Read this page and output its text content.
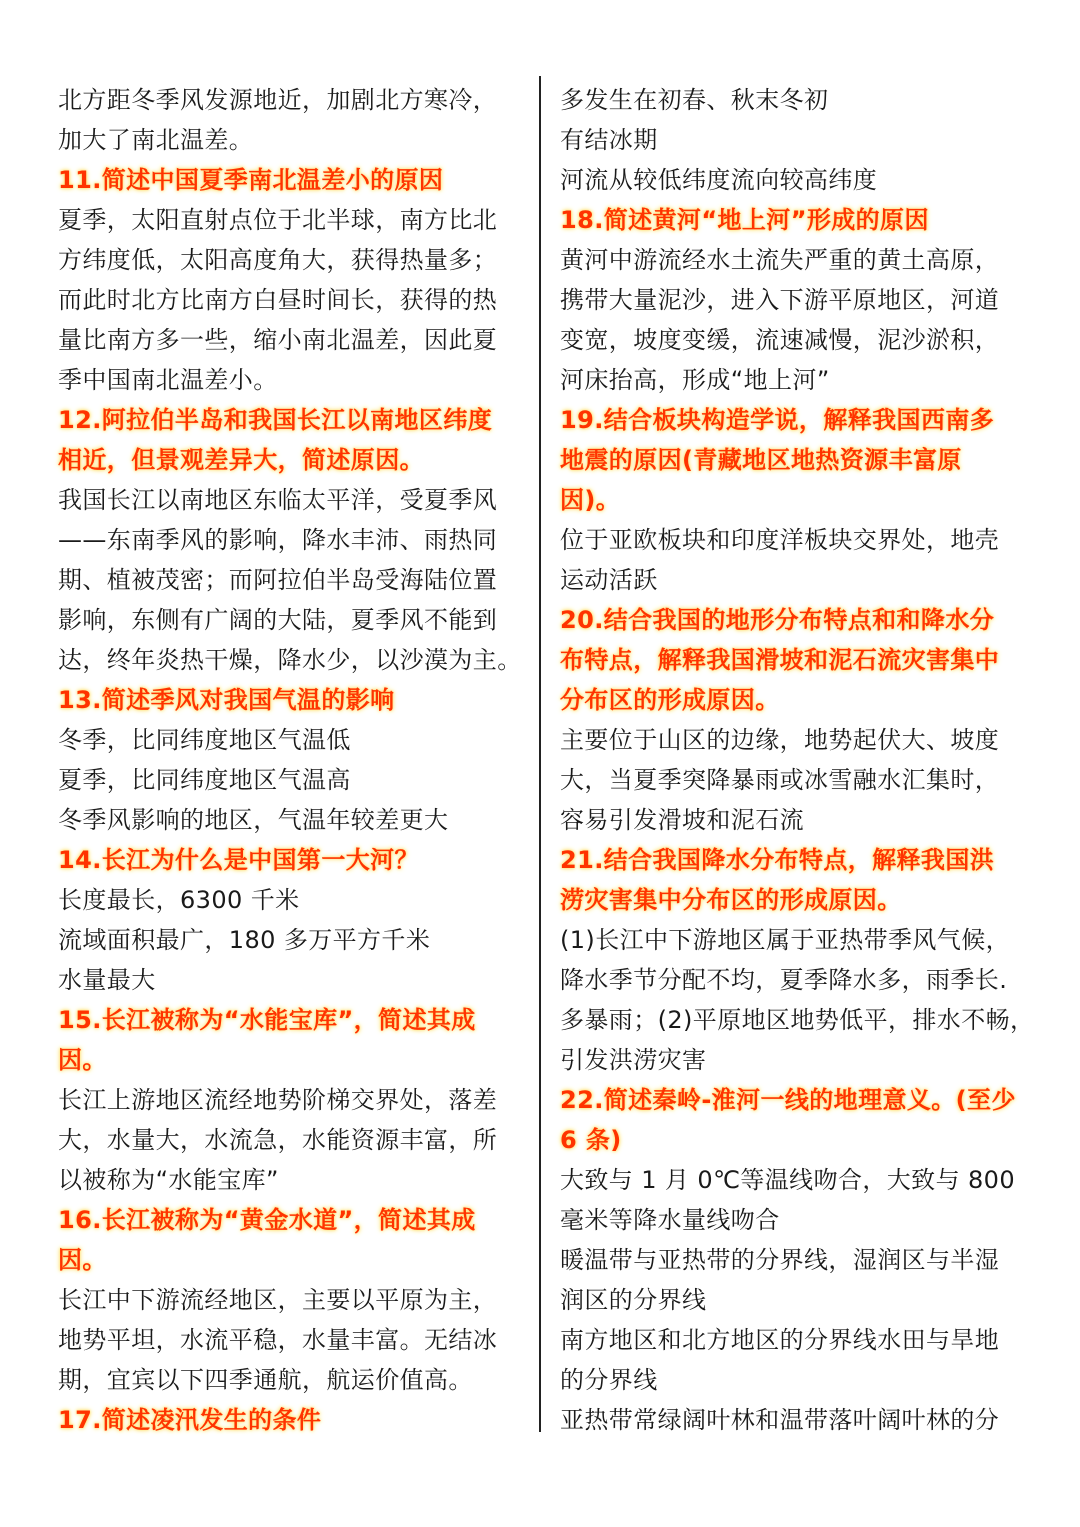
北方距冬季风发源地近，加剧北方寒冷，
加大了南北温差。
11.简述中国夏季南北温差小的原因
夏季，太阳直射点位于北半球，南方比北
方纬度低，太阳高度角大，获得热量多；
而此时北方比南方白昼时间长，获得的热
量比南方多一些，缩小南北温差，因此夏
季中国南北温差小。
12.阿拉伯半岛和我国长江以南地区纬度
相近，但景观差异大，简述原因。
我国长江以南地区东临太平洋，受夏季风
——东南季风的影响，降水丰沛、雨热同
期、植被茂密；而阿拉伯半岛受海陆位置
影响，东侧有广阔的大陆，夏季风不能到
达，终年炎热干燥，降水少，以沙漠为主。
13.简述季风对我国气温的影响
冬季，比同纬度地区气温低
夏季，比同纬度地区气温高
冬季风影响的地区，气温年较差更大
14.长江为什么是中国第一大河？
长度最长，6300 千米
流域面积最广，180 多万平方千米
水量最大
15.长江被称为“水能宝库”，简述其成
因。
长江上游地区流经地势阶梯交界处，落差
大，水量大，水流急，水能资源丰富，所
以被称为“水能宝库”
16.长江被称为“黄金水道”，简述其成
因。
长江中下游流经地区，主要以平原为主，
地势平坦，水流平稳，水量丰富。无结冰
期，宜宾以下四季通航，航运价值高。
17.简述凌汛发生的条件
多发生在初春、秋末冬初
有结冰期
河流从较低纬度流向较高纬度
18.简述黄河“地上河”形成的原因
黄河中游流经水土流失严重的黄土高原，
携带大量泥沙，进入下游平原地区，河道
变宽，坡度变缓，流速减慢，泥沙淤积，
河床抬高，形成“地上河”
19.结合板块构造学说，解释我国西南多
地震的原因(青藏地区地热资源丰富原
因)。
位于亚欧板块和印度洋板块交界处，地壳
运动活跃
20.结合我国的地形分布特点和和降水分
布特点，解释我国滑坡和泥石流灾害集中
分布区的形成原因。
主要位于山区的边缘，地势起伏大、坡度
大，当夏季突降暴雨或冰雪融水汇集时，
容易引发滑坡和泥石流
21.结合我国降水分布特点，解释我国洪
涝灾害集中分布区的形成原因。
(1)长江中下游地区属于亚热带季风气候，
降水季节分配不均，夏季降水多，雨季长.
多暴雨；(2)平原地区地势低平，排水不畅，
引发洪涝灾害
22.简述秦岭-淮河一线的地理意义。(至少
6 条)
大致与 1 月 0℃等温线吻合，大致与 800
毫米等降水量线吻合
暖温带与亚热带的分界线，湿润区与半湿
润区的分界线
南方地区和北方地区的分界线水田与旱地
的分界线
亚热带常绿阔叶林和温带落叶阔叶林的分
